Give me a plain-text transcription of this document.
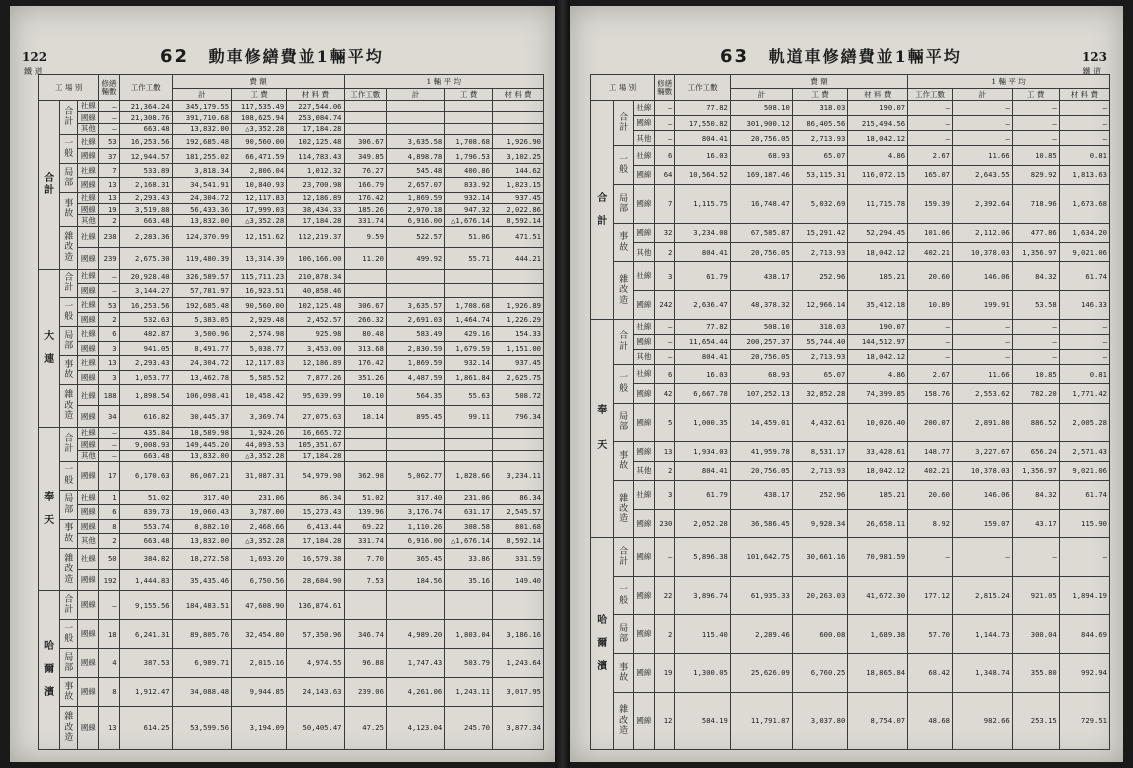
122
鐵 道
62 動車修繕費並1輛平均
工 場 別			修繕 輛數	工作工數	費 額			1 輛 平 均			
					計	工 費	材 料 費	工作工數	計	工 費	材 料 費
合
計	合計	社線	—	21,364.24	345,179.55	117,535.49	227,544.06				
		國線	—	21,308.76	391,710.68	108,625.94	253,084.74				
		其他	—	663.48	13,832.00	△3,352.28	17,184.28				
	一般	社線	53	16,253.56	192,685.48	90,560.00	102,125.48	306.67	3,635.58	1,708.68	1,926.90
		國線	37	12,944.57	181,255.02	66,471.59	114,783.43	349.85	4,898.78	1,796.53	3,102.25
	局部	社線	7	533.89	3,818.34	2,806.04	1,012.32	76.27	545.48	400.86	144.62
		國線	13	2,168.31	34,541.91	10,840.93	23,700.98	166.79	2,657.07	833.92	1,823.15
	事故	社線	13	2,293.43	24,304.72	12,117.83	12,186.89	176.42	1,869.59	932.14	937.45
		國線	19	3,519.88	56,433.36	17,999.03	38,434.33	185.26	2,970.18	947.32	2,022.86
		其他	2	663.48	13,832.00	△3,352.28	17,184.28	331.74	6,916.00	△1,676.14	8,592.14
	雜改造	社線	238	2,283.36	124,370.99	12,151.62	112,219.37	9.59	522.57	51.06	471.51
		國線	239	2,675.30	119,480.39	13,314.39	106,166.00	11.20	499.92	55.71	444.21
大

連	合計	社線	—	20,928.40	326,589.57	115,711.23	210,878.34				
		國線	—	3,144.27	57,781.97	16,923.51	40,858.46				
	一般	社線	53	16,253.56	192,685.48	90,560.00	102,125.48	306.67	3,635.57	1,708.68	1,926.89
		國線	2	532.63	5,383.05	2,929.48	2,452.57	266.32	2,691.03	1,464.74	1,226.29
	局部	社線	6	482.87	3,500.96	2,574.98	925.98	80.48	583.49	429.16	154.33
		國線	3	941.05	8,491.77	5,038.77	3,453.00	313.68	2,830.59	1,679.59	1,151.00
	事故	社線	13	2,293.43	24,304.72	12,117.83	12,186.89	176.42	1,869.59	932.14	937.45
		國線	3	1,053.77	13,462.78	5,585.52	7,877.26	351.26	4,487.59	1,861.84	2,625.75
	雜改造	社線	188	1,898.54	106,098.41	10,458.42	95,639.99	10.10	564.35	55.63	508.72
		國線	34	616.82	30,445.37	3,369.74	27,075.63	18.14	895.45	99.11	796.34
奉

天	合計	社線	—	435.84	18,589.98	1,924.26	16,665.72				
		國線	—	9,008.93	149,445.20	44,093.53	105,351.67				
		其他	—	663.48	13,832.00	△3,352.28	17,184.28				
	一般	國線	17	6,170.63	86,067.21	31,087.31	54,979.90	362.98	5,062.77	1,828.66	3,234.11
	局部	社線	1	51.02	317.40	231.06	86.34	51.02	317.40	231.06	86.34
		國線	6	839.73	19,060.43	3,787.00	15,273.43	139.96	3,176.74	631.17	2,545.57
	事故	國線	8	553.74	8,882.10	2,468.66	6,413.44	69.22	1,110.26	308.58	801.68
		其他	2	663.48	13,832.00	△3,352.28	17,184.28	331.74	6,916.00	△1,676.14	8,592.14
	雜改造	社線	50	384.82	18,272.58	1,693.20	16,579.38	7.70	365.45	33.86	331.59
		國線	192	1,444.83	35,435.46	6,750.56	28,684.90	7.53	184.56	35.16	149.40
哈

爾

濱	合計	國線	—	9,155.56	184,483.51	47,608.90	136,874.61				
	一般	國線	18	6,241.31	89,805.76	32,454.80	57,350.96	346.74	4,989.20	1,803.04	3,186.16
	局部	國線	4	387.53	6,989.71	2,015.16	4,974.55	96.88	1,747.43	503.79	1,243.64
	事故	國線	8	1,912.47	34,088.48	9,944.85	24,143.63	239.06	4,261.06	1,243.11	3,017.95
	雜改造	國線	13	614.25	53,599.56	3,194.09	50,405.47	47.25	4,123.04	245.70	3,877.34
123
鐵 道
63 軌道車修繕費並1輛平均
工 場 別			修繕 輛數	工作工數	費 額			1 輛 平 均			
					計	工 費	材 料 費	工作工數	計	工 費	材 料 費
合

計	合計	社線	—	77.82	508.10	318.03	190.07	—	—	—	—
		國線	—	17,550.82	301,900.12	86,405.56	215,494.56	—	—	—	—
		其他	—	804.41	20,756.05	2,713.93	18,042.12	—	—	—	—
	一般	社線	6	16.03	68.93	65.07	4.86	2.67	11.66	10.85	0.81
		國線	64	10,564.52	169,187.46	53,115.31	116,072.15	165.07	2,643.55	829.92	1,813.63
	局部	國線	7	1,115.75	16,748.47	5,032.69	11,715.78	159.39	2,392.64	718.96	1,673.68
	事故	國線	32	3,234.08	67,585.87	15,291.42	52,294.45	101.06	2,112.06	477.86	1,634.20
		其他	2	804.41	20,756.05	2,713.93	18,042.12	402.21	10,378.03	1,356.97	9,021.06
	雜改造	社線	3	61.79	438.17	252.96	185.21	20.60	146.06	84.32	61.74
		國線	242	2,636.47	48,378.32	12,966.14	35,412.18	10.89	199.91	53.58	146.33
奉

天	合計	社線	—	77.82	508.10	318.03	190.07	—	—	—	—
		國線	—	11,654.44	200,257.37	55,744.40	144,512.97	—	—	—	—
		其他	—	804.41	20,756.05	2,713.93	18,042.12	—	—	—	—
	一般	社線	6	16.03	68.93	65.07	4.86	2.67	11.66	10.85	0.81
		國線	42	6,667.78	107,252.13	32,852.28	74,399.85	158.76	2,553.62	782.20	1,771.42
	局部	國線	5	1,000.35	14,459.01	4,432.61	10,026.40	200.07	2,891.80	886.52	2,005.28
	事故	國線	13	1,934.03	41,959.78	8,531.17	33,428.61	148.77	3,227.67	656.24	2,571.43
		其他	2	804.41	20,756.05	2,713.93	18,042.12	402.21	10,378.03	1,356.97	9,021.06
	雜改造	社線	3	61.79	438.17	252.96	185.21	20.60	146.06	84.32	61.74
		國線	230	2,052.28	36,586.45	9,928.34	26,658.11	8.92	159.07	43.17	115.90
哈

爾

濱	合計	國線	—	5,896.38	101,642.75	30,661.16	70,981.59	—	—	—	—
	一般	國線	22	3,896.74	61,935.33	20,263.03	41,672.30	177.12	2,815.24	921.05	1,894.19
	局部	國線	2	115.40	2,289.46	600.08	1,689.38	57.70	1,144.73	300.04	844.69
	事故	國線	19	1,300.05	25,626.09	6,760.25	18,865.84	68.42	1,348.74	355.80	992.94
	雜改造	國線	12	584.19	11,791.87	3,037.80	8,754.07	48.68	982.66	253.15	729.51
